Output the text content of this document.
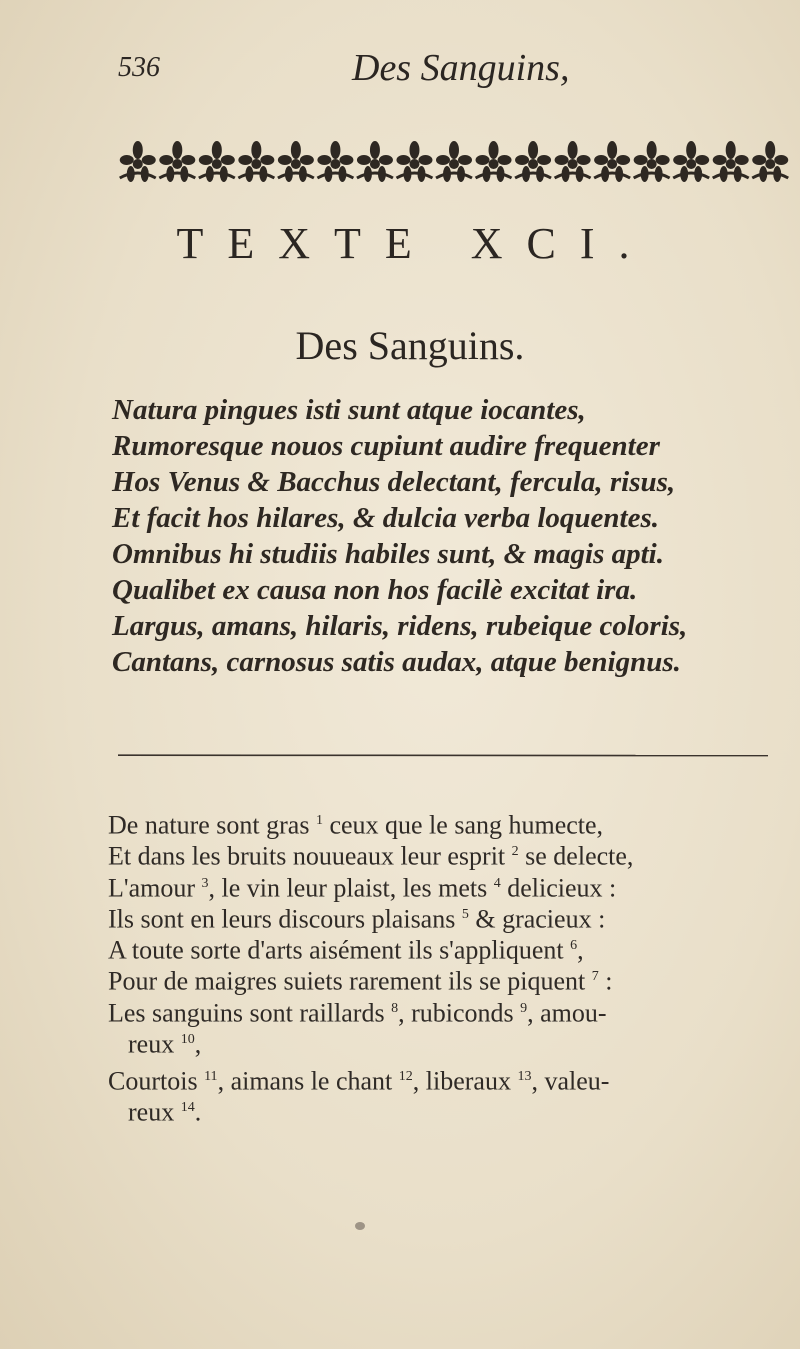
536	Des Sanguins,
TEXTE XCI.
Des Sanguins.
Natura pingues isti sunt atque iocantes,
Rumoresque nouos cupiunt audire frequenter
Hos Venus & Bacchus delectant, fercula, risus,
Et facit hos hilares, & dulcia verba loquentes.
Omnibus hi studiis habiles sunt, & magis apti.
Qualibet ex causa non hos facilè excitat ira.
Largus, amans, hilaris, ridens, rubeique coloris,
Cantans, carnosus satis audax, atque benignus.
De nature sont gras $^1$ ceux que le sang humecte,
Et dans les bruits nouueaux leur esprit $^2$ se delecte,
L'amour $^3$, le vin leur plaist, les mets $^4$ delicieux :
Ils sont en leurs discours plaisans $^5$ & gracieux :
A toute sorte d'arts aisément ils s'appliquent $^6$,
Pour de maigres suiets rarement ils se piquent $^7$ :
Les sanguins sont raillards $^8$, rubiconds $^9$, amou-
reux $^{10}$,
Courtois $^{11}$, aimans le chant $^{12}$, liberaux $^{13}$, valeu-
reux $^{14}$.
